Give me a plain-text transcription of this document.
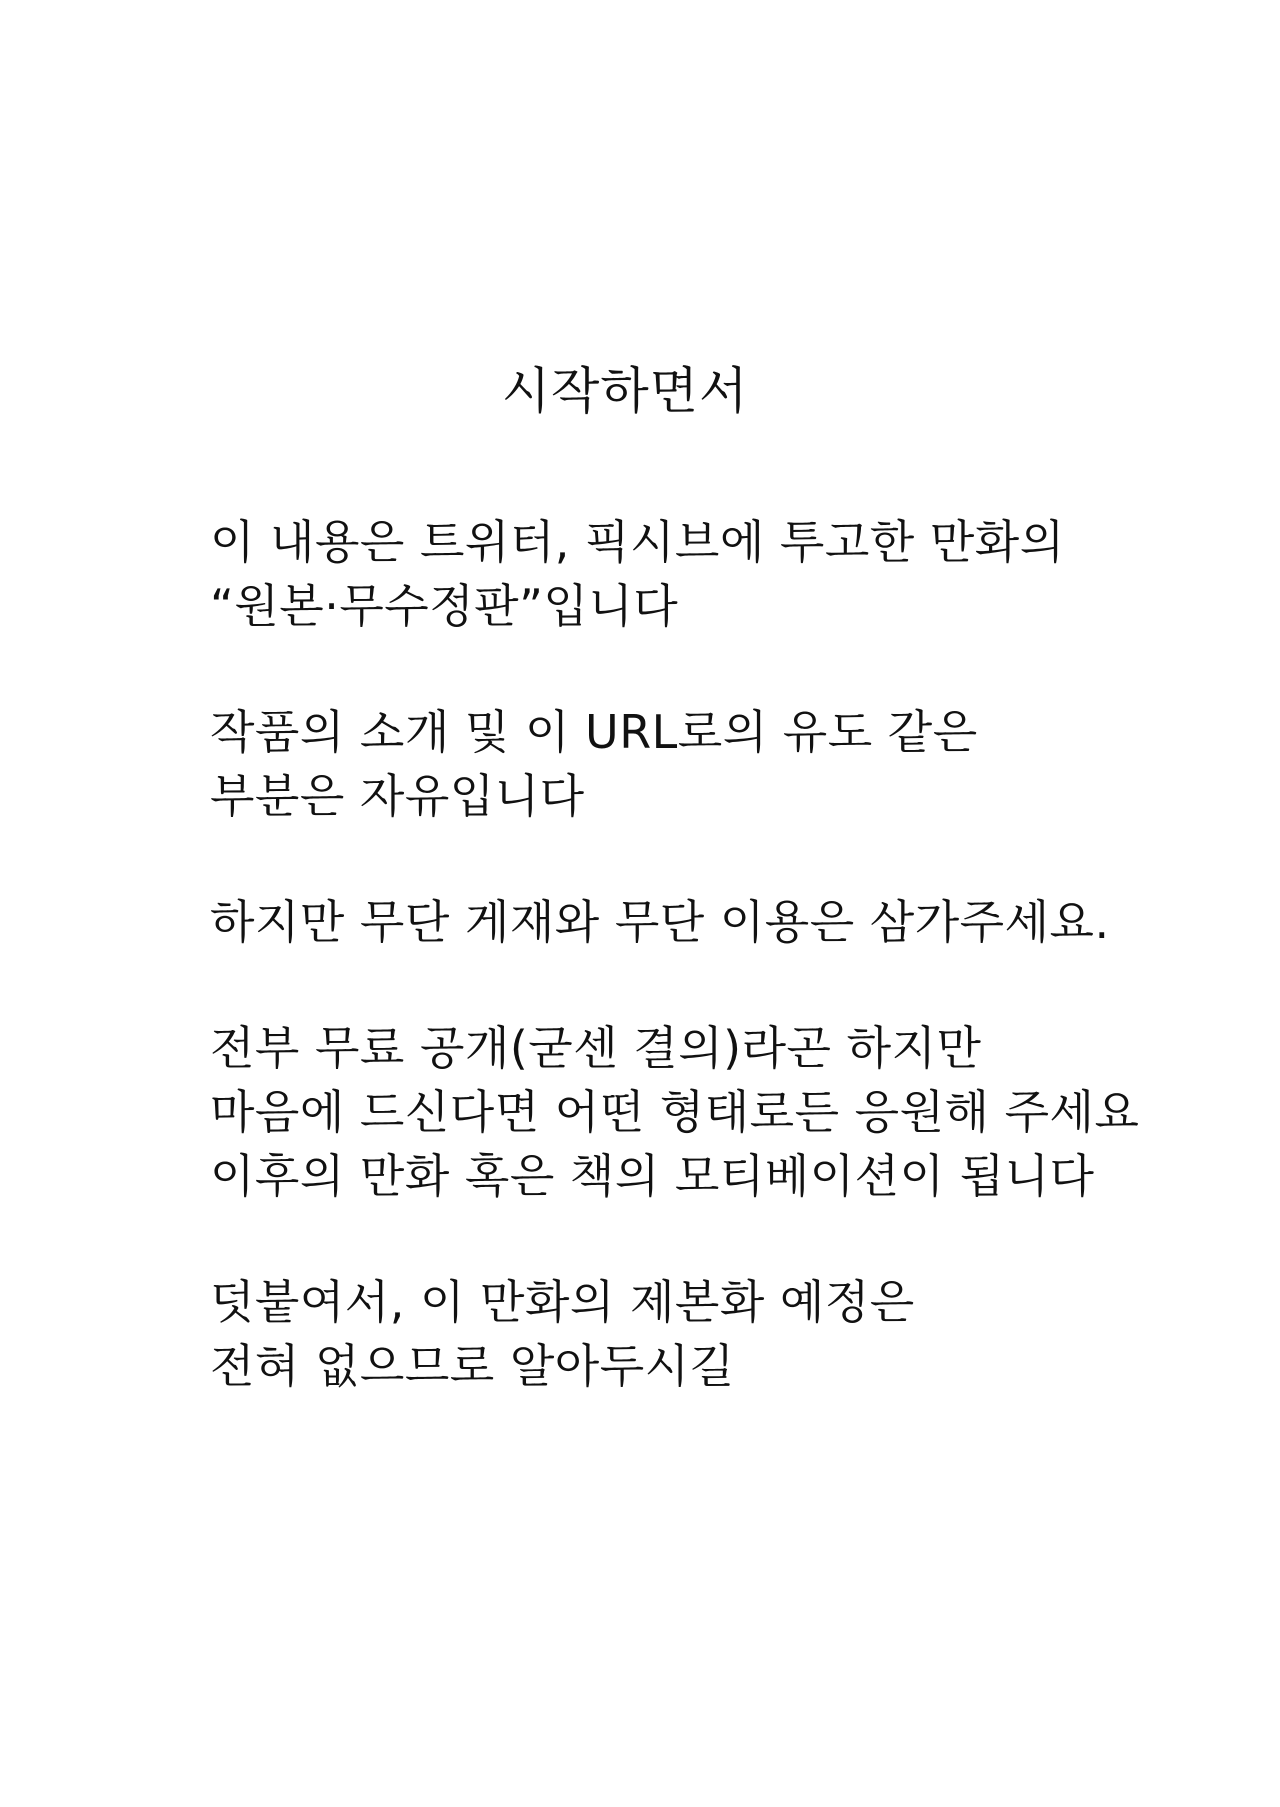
시작하면서
이 내용은 트위터, 픽시브에 투고한 만화의
“원본·무수정판”입니다
작품의 소개 및 이 URL로의 유도 같은
부분은 자유입니다
하지만 무단 게재와 무단 이용은 삼가주세요.
전부 무료 공개(굳센 결의)라곤 하지만
마음에 드신다면 어떤 형태로든 응원해 주세요
이후의 만화 혹은 책의 모티베이션이 됩니다
덧붙여서, 이 만화의 제본화 예정은
전혀 없으므로 알아두시길
